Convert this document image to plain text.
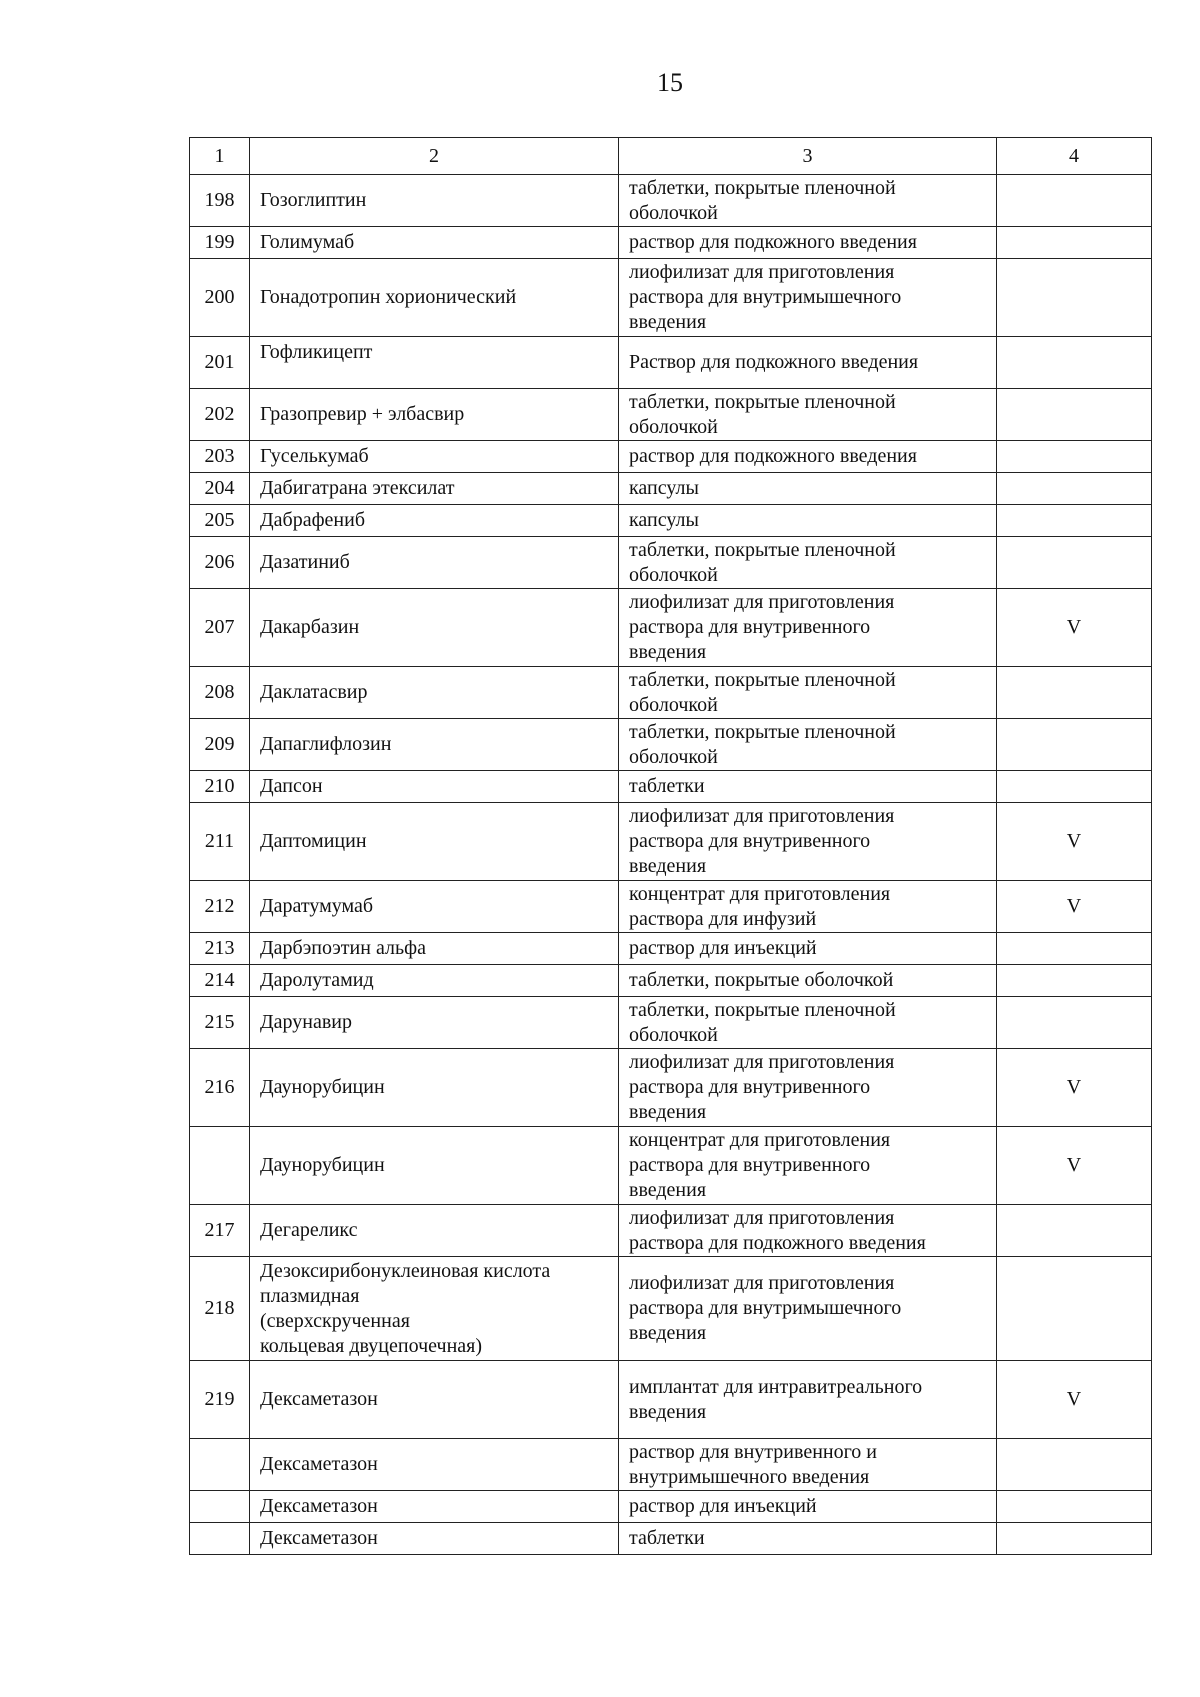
15
1	2	3	4

198	Гозоглиптин	таблетки, покрытые пленочной
оболочкой	

199	Голимумаб	раствор для подкожного введения	

200	Гонадотропин хорионический	лиофилизат для приготовления
раствора для внутримышечного
введения	

201	Гофликицепт	Раствор для подкожного введения	

202	Гразопревир + элбасвир	таблетки, покрытые пленочной
оболочкой	

203	Гуселькумаб	раствор для подкожного введения	

204	Дабигатрана этексилат	капсулы	

205	Дабрафениб	капсулы	

206	Дазатиниб	таблетки, покрытые пленочной
оболочкой	

207	Дакарбазин	лиофилизат для приготовления
раствора для внутривенного
введения	V

208	Даклатасвир	таблетки, покрытые пленочной
оболочкой	

209	Дапаглифлозин	таблетки, покрытые пленочной
оболочкой	

210	Дапсон	таблетки	

211	Даптомицин	лиофилизат для приготовления
раствора для внутривенного
введения	V

212	Даратумумаб	концентрат для приготовления
раствора для инфузий	V

213	Дарбэпоэтин альфа	раствор для инъекций	

214	Даролутамид	таблетки, покрытые оболочкой	

215	Дарунавир	таблетки, покрытые пленочной
оболочкой	

216	Даунорубицин	лиофилизат для приготовления
раствора для внутривенного
введения	V

	Даунорубицин	концентрат для приготовления
раствора для внутривенного
введения	V

217	Дегареликс	лиофилизат для приготовления
раствора для подкожного введения	

218	Дезоксирибонуклеиновая кислота
плазмидная
(сверхскрученная
кольцевая двуцепочечная)	лиофилизат для приготовления
раствора для внутримышечного
введения	

219	Дексаметазон	имплантат для интравитреального
введения	V

	Дексаметазон	раствор для внутривенного и
внутримышечного введения	

	Дексаметазон	раствор для инъекций	

	Дексаметазон	таблетки	
